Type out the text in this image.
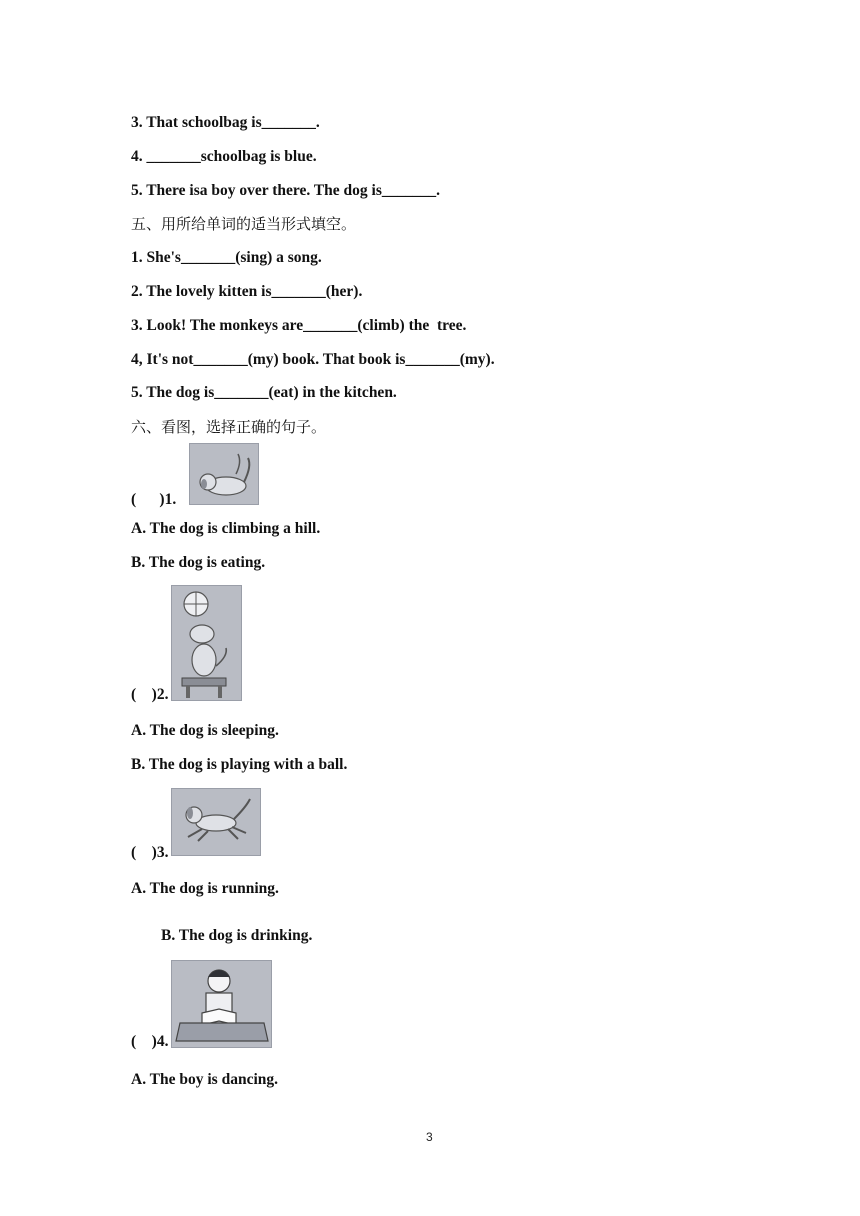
3. That schoolbag is_______.
4. _______schoolbag is blue.
5. There isa boy over there. The dog is_______.
五、用所给单词的适当形式填空。
1. She's_______(sing) a song.
2. The lovely kitten is_______(her).
3. Look! The monkeys are_______(climb) the  tree.
4, It's not_______(my) book. That book is_______(my).
5. The dog is_______(eat) in the kitchen.
六、看图，选择正确的句子。
(      )1.
A. The dog is climbing a hill.
B. The dog is eating.
(    )2.
A. The dog is sleeping.
B. The dog is playing with a ball.
(    )3.
A. The dog is running.
B. The dog is drinking.
(    )4.
A. The boy is dancing.
3
